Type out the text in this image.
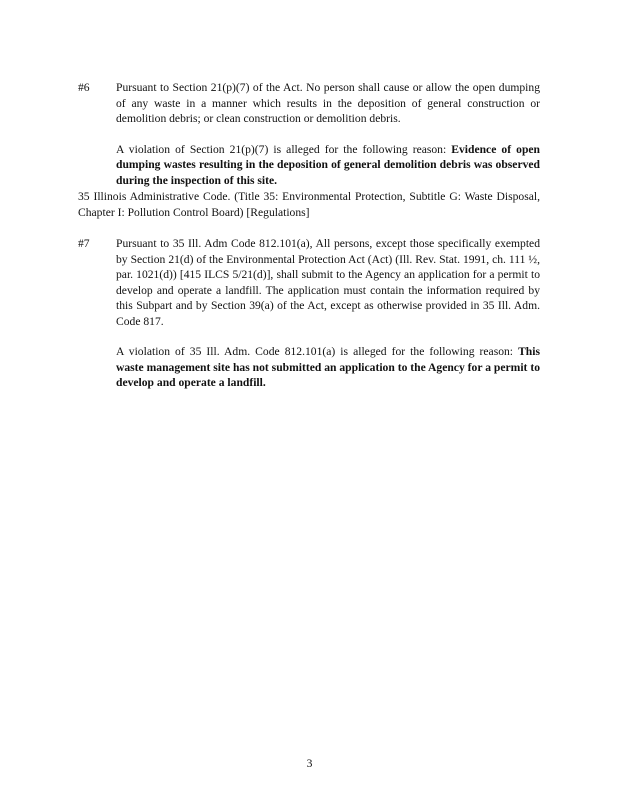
#6	Pursuant to Section 21(p)(7) of the Act. No person shall cause or allow the open dumping of any waste in a manner which results in the deposition of general construction or demolition debris; or clean construction or demolition debris.

A violation of Section 21(p)(7) is alleged for the following reason: Evidence of open dumping wastes resulting in the deposition of general demolition debris was observed during the inspection of this site.

35 Illinois Administrative Code. (Title 35: Environmental Protection, Subtitle G: Waste Disposal, Chapter I: Pollution Control Board) [Regulations]

#7	Pursuant to 35 Ill. Adm Code 812.101(a), All persons, except those specifically exempted by Section 21(d) of the Environmental Protection Act (Act) (Ill. Rev. Stat. 1991, ch. 111 ½, par. 1021(d)) [415 ILCS 5/21(d)], shall submit to the Agency an application for a permit to develop and operate a landfill. The application must contain the information required by this Subpart and by Section 39(a) of the Act, except as otherwise provided in 35 Ill. Adm. Code 817.

A violation of 35 Ill. Adm. Code 812.101(a) is alleged for the following reason: This waste management site has not submitted an application to the Agency for a permit to develop and operate a landfill.

3
